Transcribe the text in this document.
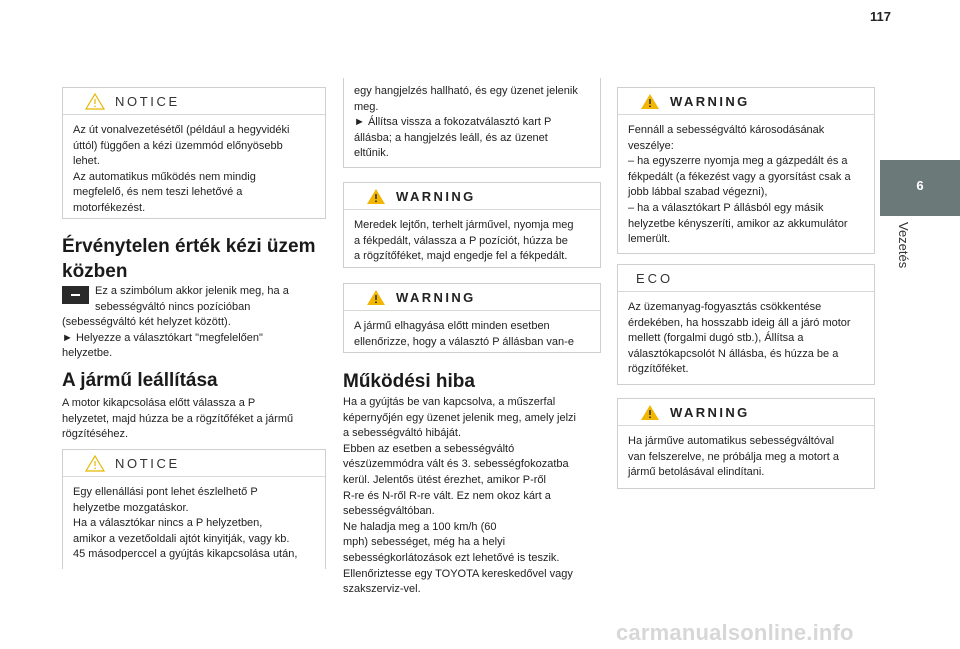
117
6
Vezetés
NOTICE
Az út vonalvezetésétől (például a hegyvidéki
úttól) függően a kézi üzemmód előnyösebb
lehet.
Az automatikus működés nem mindig
megfelelő, és nem teszi lehetővé a
motorfékezést.
Érvénytelen érték kézi üzem
közben
Ez a szimbólum akkor jelenik meg, ha a
sebességváltó nincs pozícióban
(sebességváltó két helyzet között).
► Helyezze a választókart "megfelelően"
helyzetbe.
A jármű leállítása
A motor kikapcsolása előtt válassza a P
helyzetet, majd húzza be a rögzítőféket a jármű
rögzítéséhez.
NOTICE
Egy ellenállási pont lehet észlelhető P
helyzetbe mozgatáskor.
Ha a választókar nincs a P helyzetben,
amikor a vezetőoldali ajtót kinyitják, vagy kb.
45 másodperccel a gyújtás kikapcsolása után,
egy hangjelzés hallható, és egy üzenet jelenik
meg.
► Állítsa vissza a fokozatválasztó kart P
állásba; a hangjelzés leáll, és az üzenet
eltűnik.
WARNING
Meredek lejtőn, terhelt járművel, nyomja meg
a fékpedált, válassza a P pozíciót, húzza be
a rögzítőféket, majd engedje fel a fékpedált.
WARNING
A jármű elhagyása előtt minden esetben
ellenőrizze, hogy a választó P állásban van-e
Működési hiba
Ha a gyújtás be van kapcsolva, a műszerfal
képernyőjén egy üzenet jelenik meg, amely jelzi
a sebességváltó hibáját.
Ebben az esetben a sebességváltó
vészüzemmódra vált és 3. sebességfokozatba
kerül. Jelentős ütést érezhet, amikor P-ről
R-re és N-ről R-re vált. Ez nem okoz kárt a
sebességváltóban.
Ne haladja meg a 100 km/h (60
mph) sebességet, még ha a helyi
sebességkorlátozások ezt lehetővé is teszik.
Ellenőriztesse egy TOYOTA kereskedővel vagy
szakszerviz-vel.
WARNING
Fennáll a sebességváltó károsodásának
veszélye:
– ha egyszerre nyomja meg a gázpedált és a
fékpedált (a fékezést vagy a gyorsítást csak a
jobb lábbal szabad végezni),
– ha a választókart P állásból egy másik
helyzetbe kényszeríti, amikor az akkumulátor
lemerült.
ECO
Az üzemanyag-fogyasztás csökkentése
érdekében, ha hosszabb ideig áll a járó motor
mellett (forgalmi dugó stb.), Állítsa a
választókapcsolót N állásba, és húzza be a
rögzítőféket.
WARNING
Ha járműve automatikus sebességváltóval
van felszerelve, ne próbálja meg a motort a
jármű betolásával elindítani.
carmanualsonline.info
